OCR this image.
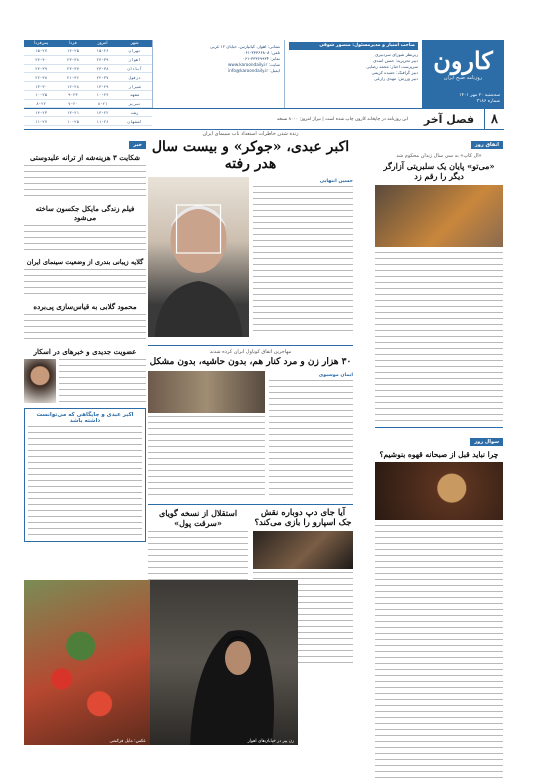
کارون
روزنامه صبح ایران
سه‌شنبه ۲۰ مهر ۱۴۰۱
شماره ۳۱۸۶
صاحب امتیاز و مدیرمسئول: منصور شوقی
زیرنظر شورای سردبیری
دبیر تحریریه: حسن اسدی
سرپرست اخبار: محمد رضایی
دبیر گرافیک: حمیده کریمی
دبیر ورزش: مهدی زارعی
نشانی: اهواز، کیانپارس، خیابان ۱۲ غربی
تلفن: ۳۳۳۶۶۸۰۸-۰۶۱
نمابر: ۳۳۳۶۹۹۳۴-۰۶۱
سایت: www.karoondaily.ir
ایمیل: info@karoondaily.ir
شهر	امروز	فردا	پس‌فردا
تهران	۱۵-۲۶	۱۴-۲۵	۱۵-۲۷
اهواز	۲۴-۳۹	۲۳-۳۸	۲۴-۴۰
آبادان	۲۳-۳۸	۲۳-۳۷	۲۴-۳۹
دزفول	۲۲-۳۷	۲۱-۳۶	۲۲-۳۸
شیراز	۱۳-۲۹	۱۲-۲۸	۱۳-۳۰
مشهد	۱۰-۲۴	۹-۲۳	۱۰-۲۵
تبریز	۸-۲۱	۷-۲۰	۸-۲۲
رشت	۱۳-۲۲	۱۳-۲۱	۱۴-۲۳
اصفهان	۱۱-۲۶	۱۰-۲۵	۱۱-۲۷	۸
فصل آخر
این روزنامه در چاپخانه کارون چاپ شده است | تیراژ امروز: ۸۰۰۰ نسخه
اتفاق روز
«ال کاپ» به سی سال زندان محکوم شد
«می‌تو» پایان یک سلبریتی آزارگر دیگر را رقم زد
سوال روز
چرا نباید قبل از صبحانه قهوه بنوشیم؟
زنده شدن خاطرات استعداد ناب سینمای ایران
اکبر عبدی، «جوکر» و بیست سال هدر رفته
حسین انتهایی
مهاجرین اتفاق کوتاول ایران کرده شدند
۳۰ هزار زن و مرد کنار هم، بدون حاشیه، بدون مشکل
ایمان موسیوی
آیا جای دپ دوباره نقش جک اسپارو را بازی می‌کند؟
استقلال از نسخه گویای «سرقت پول»
خبر
شکایت ۳ هزینه‌شه از ترانه علیدوستی
فیلم زندگی مایکل جکسون ساخته می‌شود
گلایه زیبانی بندری از وضعیت سینمای ایران
محمود گلابی به قیاس‌سازی پی‌برده
عضویت جدیدی و خبرهای در اسکار
اکبر عبدی و جایگاهی که می‌توانست داشته باشد
عکس: مایل فرکشی	زن پیر در خیابان‌های اهواز
